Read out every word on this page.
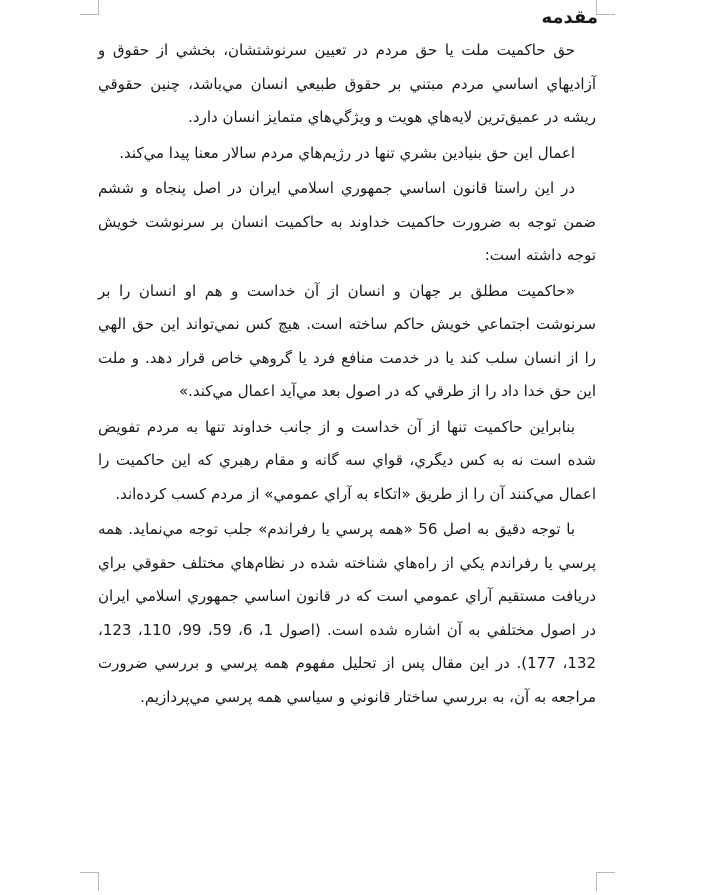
مقدمه

حق حاكميت ملت يا حق مردم در تعيين سرنوشتشان، بخشي از حقوق و آزاديهاي اساسي مردم مبتني بر حقوق طبيعي انسان مي‌باشد، چنين حقوقي ريشه در عميق‌ترين لايه‌هاي هويت و ويژگي‌هاي متمايز انسان دارد.

اعمال اين حق بنيادين بشري تنها در رژيم‌هاي مردم سالار معنا پيدا مي‌كند.

در اين راستا قانون اساسي جمهوري اسلامي ايران در اصل پنجاه و ششم ضمن توجه به ضرورت حاكميت خداوند به حاكميت انسان بر سرنوشت خويش توجه داشته است:

«حاكميت مطلق بر جهان و انسان از آن خداست و هم او انسان را بر سرنوشت اجتماعي خويش حاكم ساخته است. هيچ كس نمي‌تواند اين حق الهي را از انسان سلب كند يا در خدمت منافع فرد يا گروهي خاص قرار دهد. و ملت اين حق خدا داد را از طرقي كه در اصول بعد مي‌آيد اعمال مي‌كند.»

بنابراين حاكميت تنها از آن خداست و از جانب خداوند تنها به مردم تفويض شده است نه به كس ديگري، قواي سه گانه و مقام رهبري كه اين حاكميت را اعمال مي‌كنند آن را از طريق «اتكاء به آراي عمومي» از مردم كسب كرده‌اند.

با توجه دقيق به اصل 56 «همه پرسي يا رفراندم» جلب توجه مي‌نمايد. همه پرسي يا رفراندم يكي از راه‌هاي شناخته شده در نظام‌هاي مختلف حقوقي براي دريافت مستقيم آراي عمومي است كه در قانون اساسي جمهوري اسلامي ايران در اصول مختلفي به آن اشاره شده است. (اصول 1، 6، 59، 99، 110، 123، 132، 177). در اين مقال پس از تحليل مفهوم همه پرسي و بررسي ضرورت مراجعه به آن، به بررسي ساختار قانوني و سياسي همه پرسي مي‌پردازيم.
